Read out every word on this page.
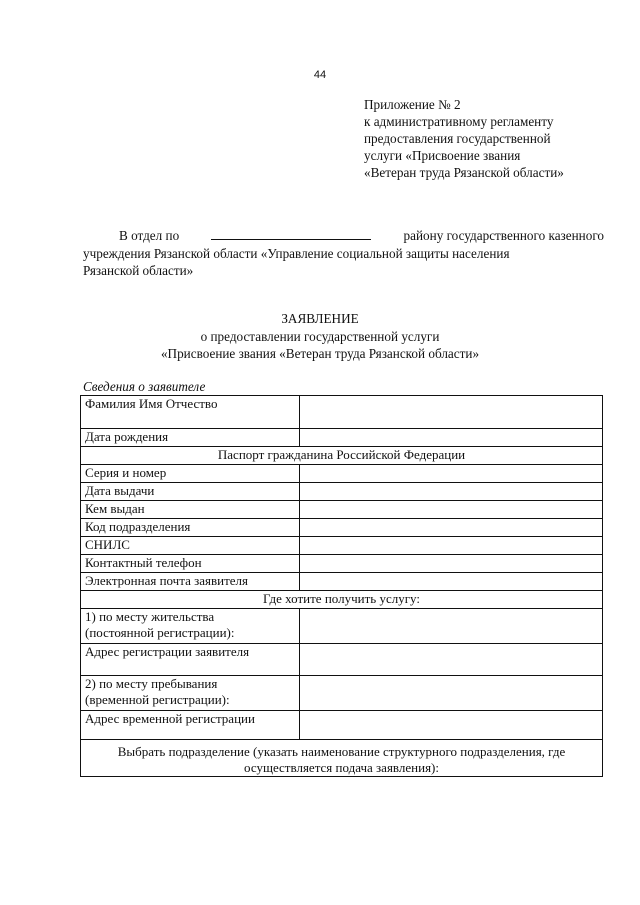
44
Приложение № 2
к административному регламенту
предоставления государственной
услуги «Присвоение звания
«Ветеран труда Рязанской области»
В отдел по	району государственного казенного
учреждения Рязанской области «Управление социальной защиты населения
Рязанской области»
ЗАЯВЛЕНИЕ
о предоставлении государственной услуги
«Присвоение звания «Ветеран труда Рязанской области»
Сведения о заявителе
Фамилия Имя Отчество	
Дата рождения	
Паспорт гражданина Российской Федерации	
Серия и номер	
Дата выдачи	
Кем выдан	
Код подразделения	
СНИЛС	
Контактный телефон	
Электронная почта заявителя	
Где хотите получить услугу:	

1) по месту жительства
(постоянной регистрации):	

Адрес регистрации заявителя	

2) по месту пребывания
(временной регистрации):	

Адрес временной регистрации	
Выбрать подразделение (указать наименование структурного подразделения, где осуществляется подача заявления):	
